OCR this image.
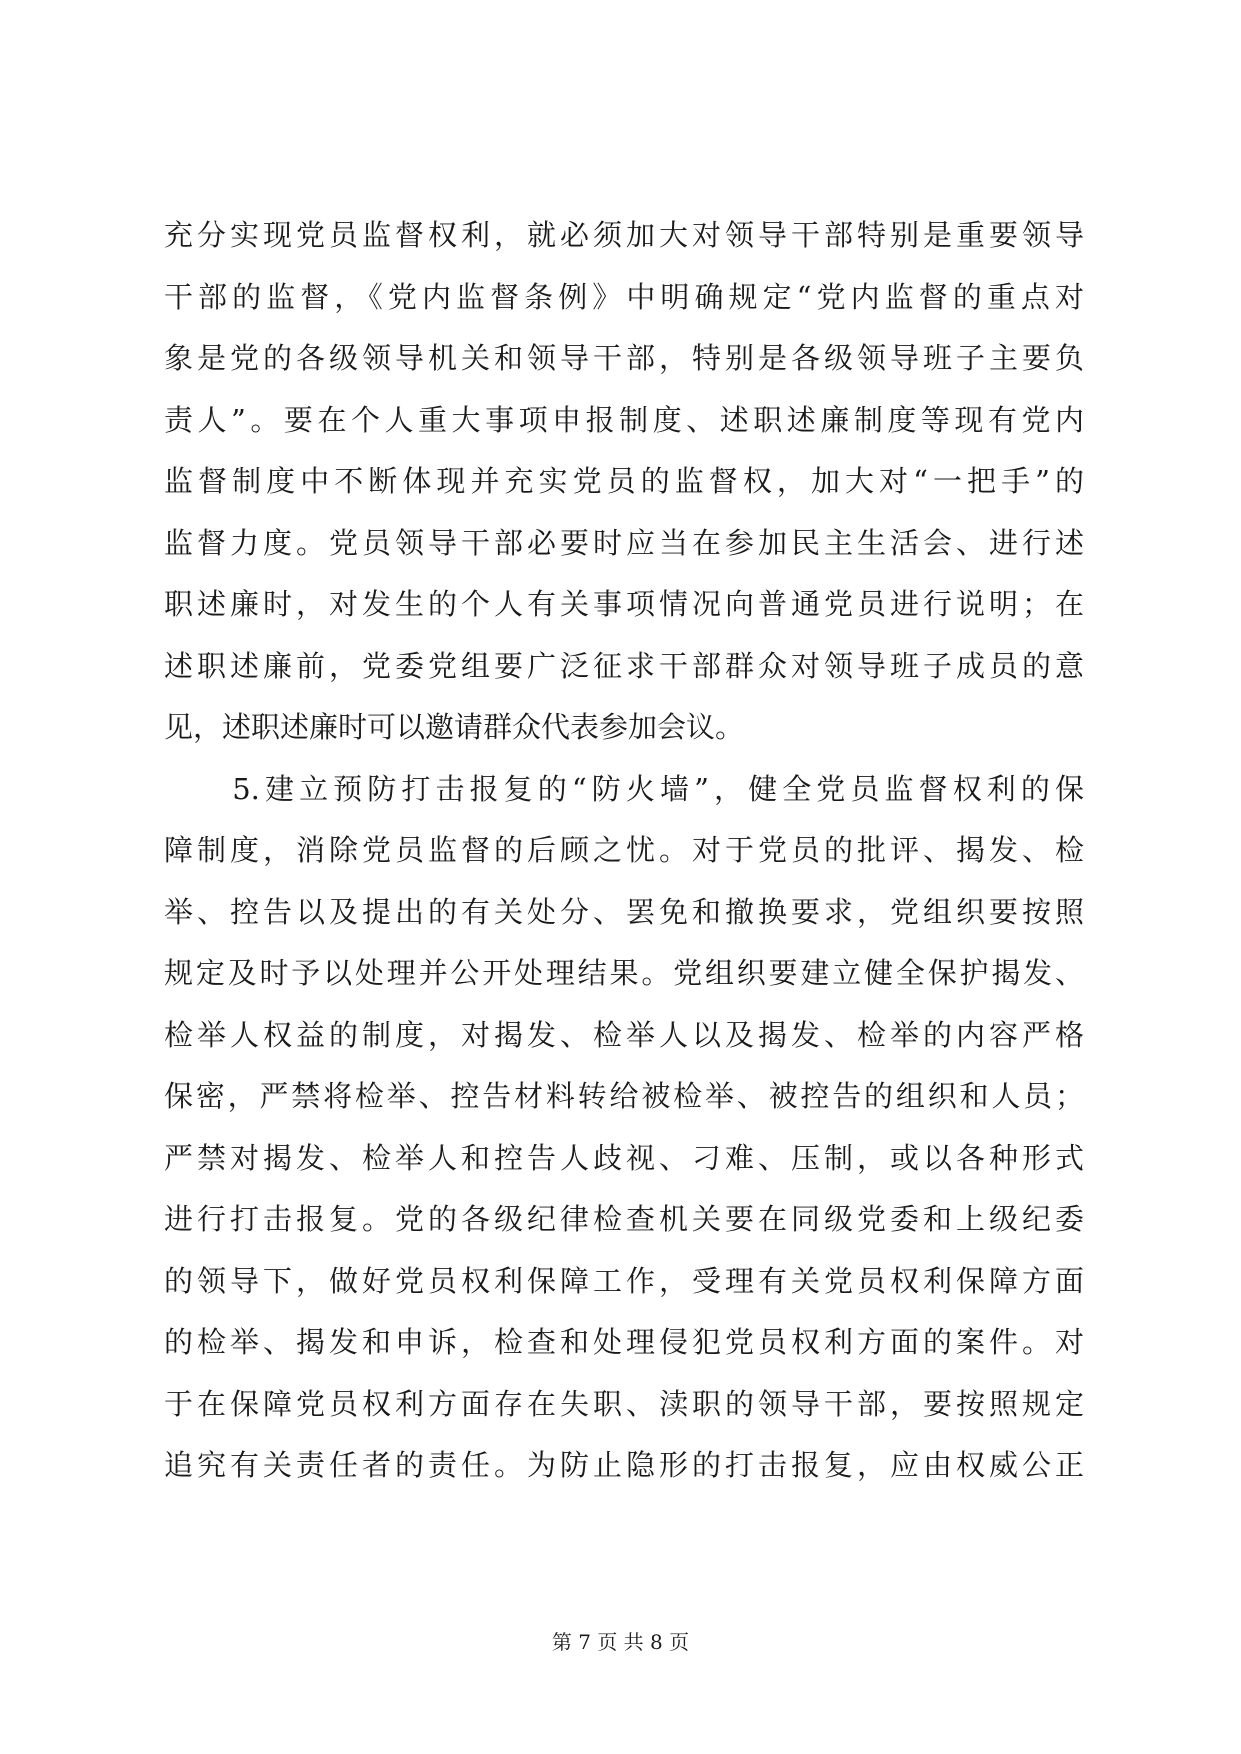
充分实现党员监督权利，就必须加大对领导干部特别是重要领导
干部的监督，《党内监督条例》中明确规定“党内监督的重点对
象是党的各级领导机关和领导干部，特别是各级领导班子主要负
责人”。要在个人重大事项申报制度、述职述廉制度等现有党内
监督制度中不断体现并充实党员的监督权，加大对“一把手”的
监督力度。党员领导干部必要时应当在参加民主生活会、进行述
职述廉时，对发生的个人有关事项情况向普通党员进行说明；在
述职述廉前，党委党组要广泛征求干部群众对领导班子成员的意
见，述职述廉时可以邀请群众代表参加会议。
　　5.建立预防打击报复的“防火墙”，健全党员监督权利的保
障制度，消除党员监督的后顾之忧。对于党员的批评、揭发、检
举、控告以及提出的有关处分、罢免和撤换要求，党组织要按照
规定及时予以处理并公开处理结果。党组织要建立健全保护揭发、
检举人权益的制度，对揭发、检举人以及揭发、检举的内容严格
保密，严禁将检举、控告材料转给被检举、被控告的组织和人员；
严禁对揭发、检举人和控告人歧视、刁难、压制，或以各种形式
进行打击报复。党的各级纪律检查机关要在同级党委和上级纪委
的领导下，做好党员权利保障工作，受理有关党员权利保障方面
的检举、揭发和申诉，检查和处理侵犯党员权利方面的案件。对
于在保障党员权利方面存在失职、渎职的领导干部，要按照规定
追究有关责任者的责任。为防止隐形的打击报复，应由权威公正
第 7 页 共 8 页
